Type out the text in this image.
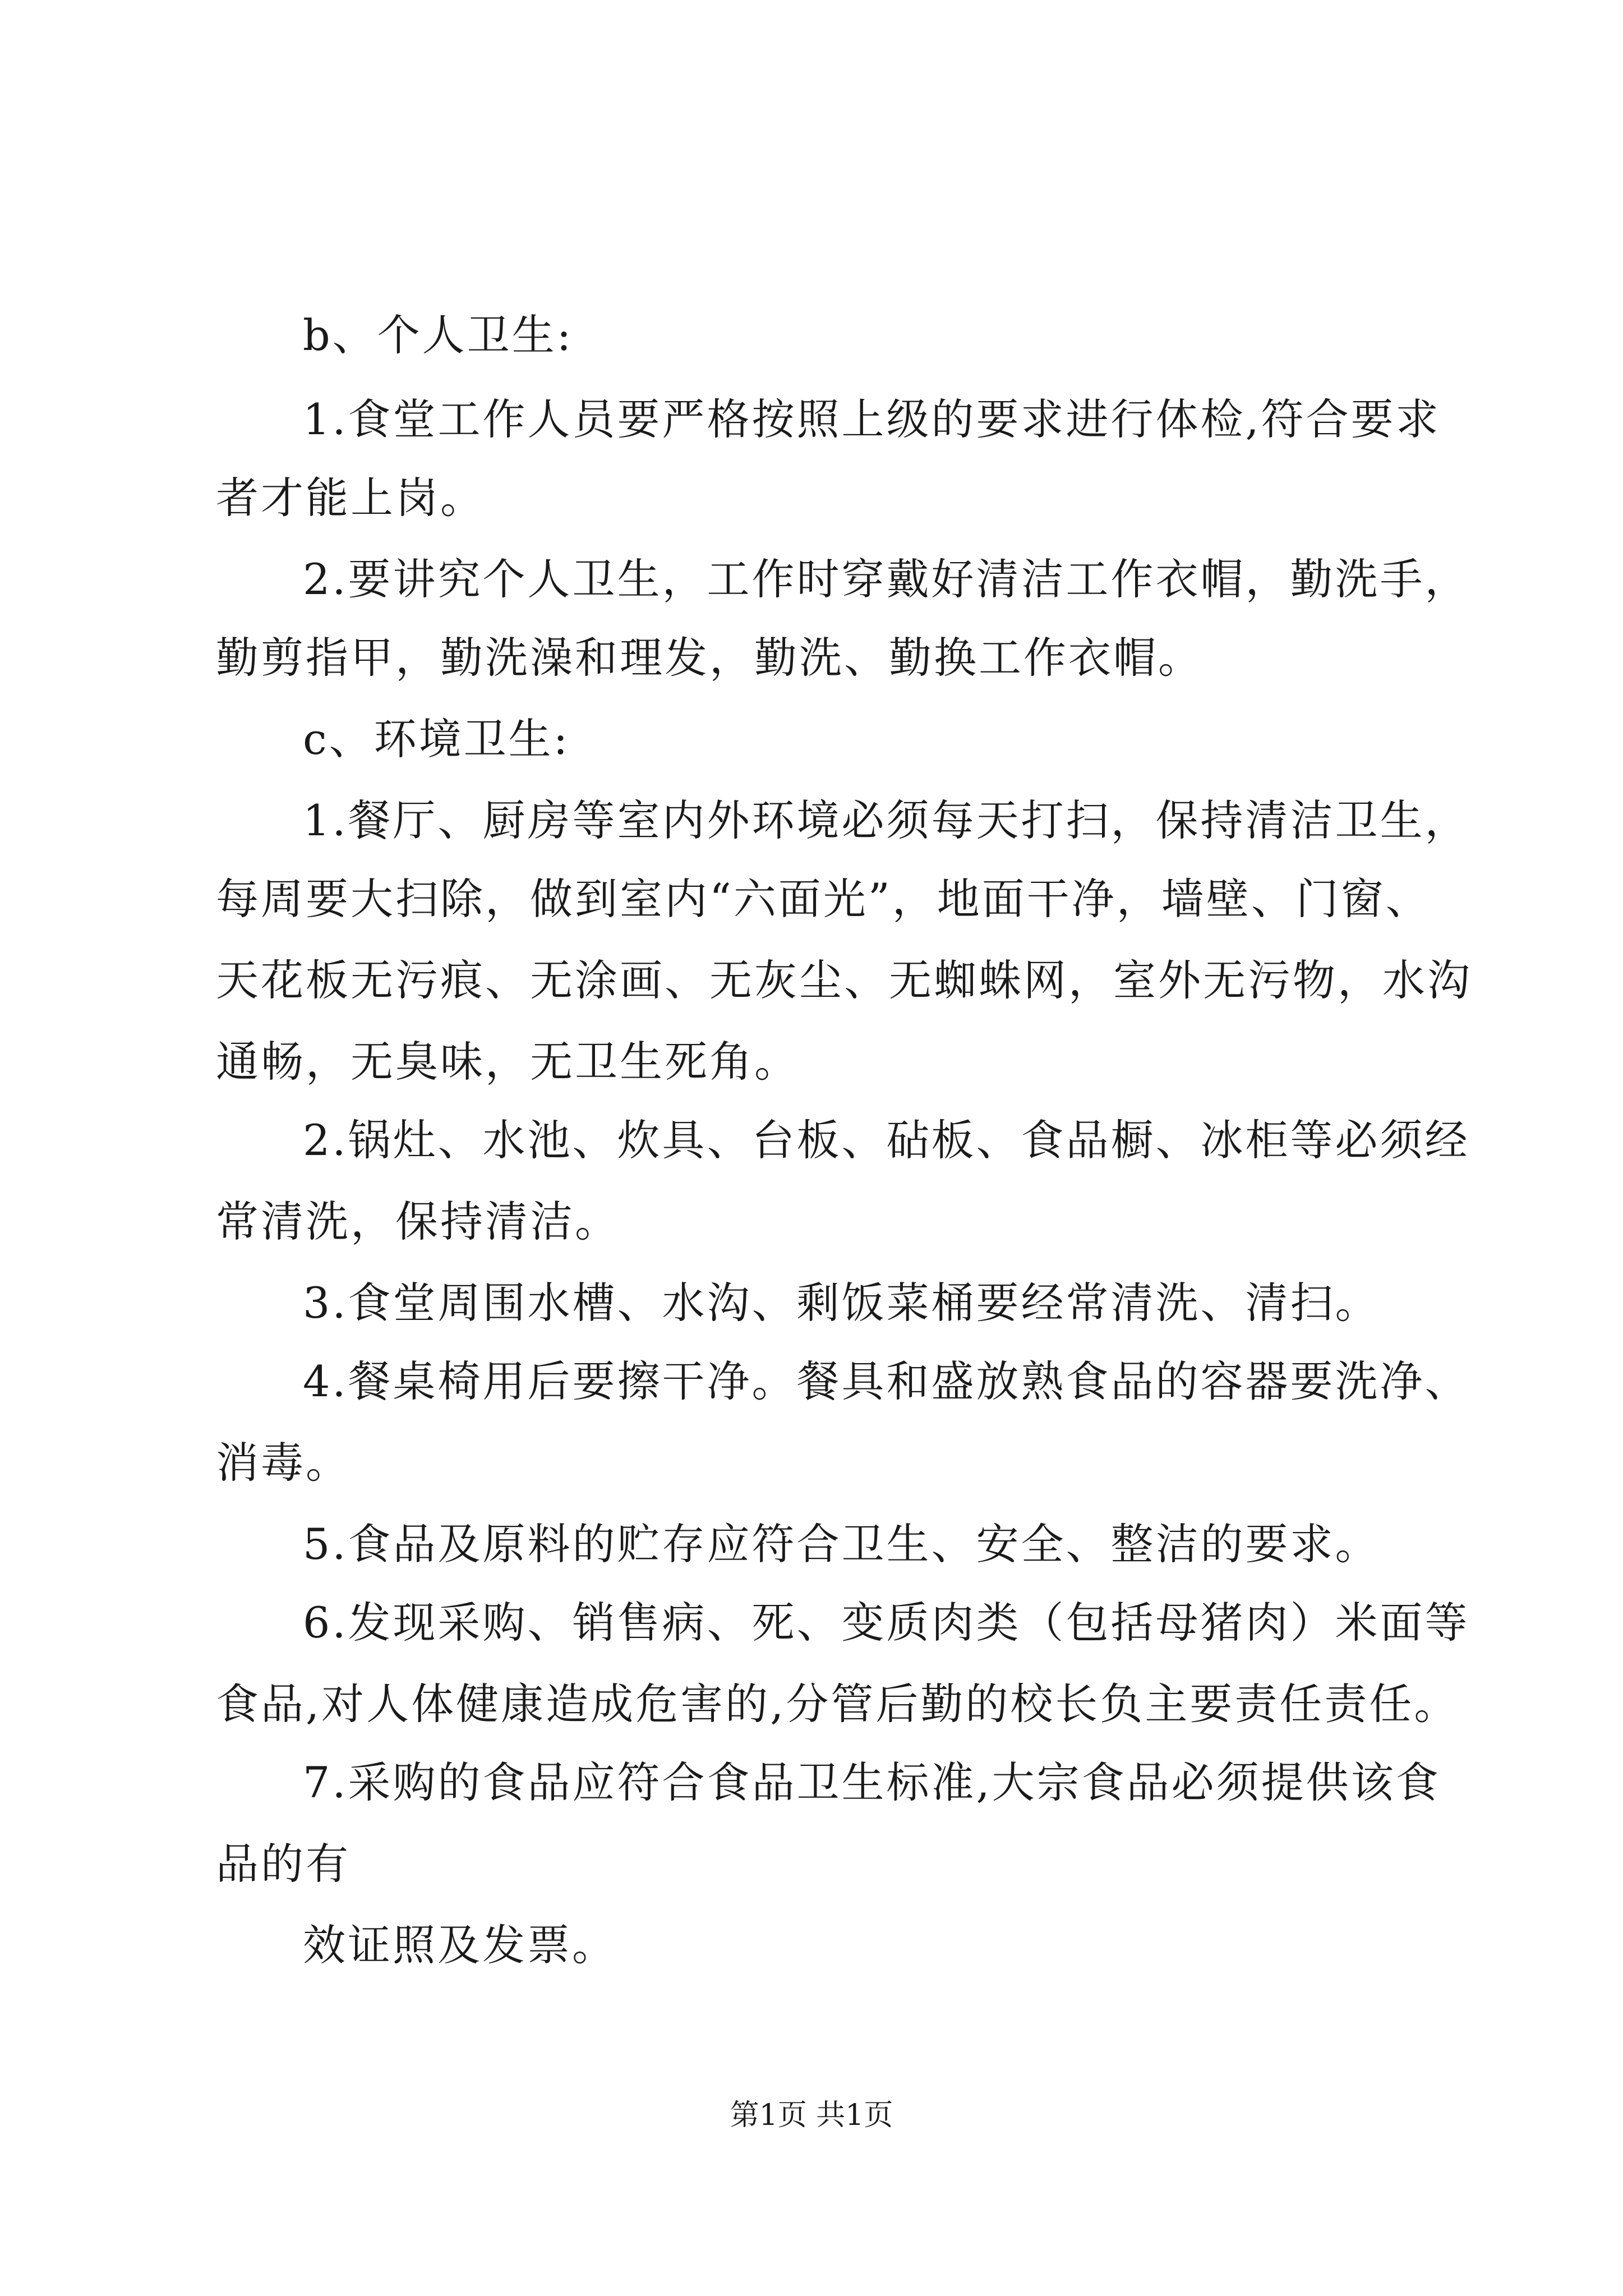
b、个人卫生:
1.食堂工作人员要严格按照上级的要求进行体检,符合要求
者才能上岗。
2.要讲究个人卫生，工作时穿戴好清洁工作衣帽，勤洗手，
勤剪指甲，勤洗澡和理发，勤洗、勤换工作衣帽。
c、环境卫生:
1.餐厅、厨房等室内外环境必须每天打扫，保持清洁卫生，
每周要大扫除，做到室内“六面光”，地面干净，墙壁、门窗、
天花板无污痕、无涂画、无灰尘、无蜘蛛网，室外无污物，水沟
通畅，无臭味，无卫生死角。
2.锅灶、水池、炊具、台板、砧板、食品橱、冰柜等必须经
常清洗，保持清洁。
3.食堂周围水槽、水沟、剩饭菜桶要经常清洗、清扫。
4.餐桌椅用后要擦干净。餐具和盛放熟食品的容器要洗净、
消毒。
5.食品及原料的贮存应符合卫生、安全、整洁的要求。
6.发现采购、销售病、死、变质肉类（包括母猪肉）米面等
食品,对人体健康造成危害的,分管后勤的校长负主要责任责任。
7.采购的食品应符合食品卫生标准,大宗食品必须提供该食
品的有
效证照及发票。
第1页 共1页
